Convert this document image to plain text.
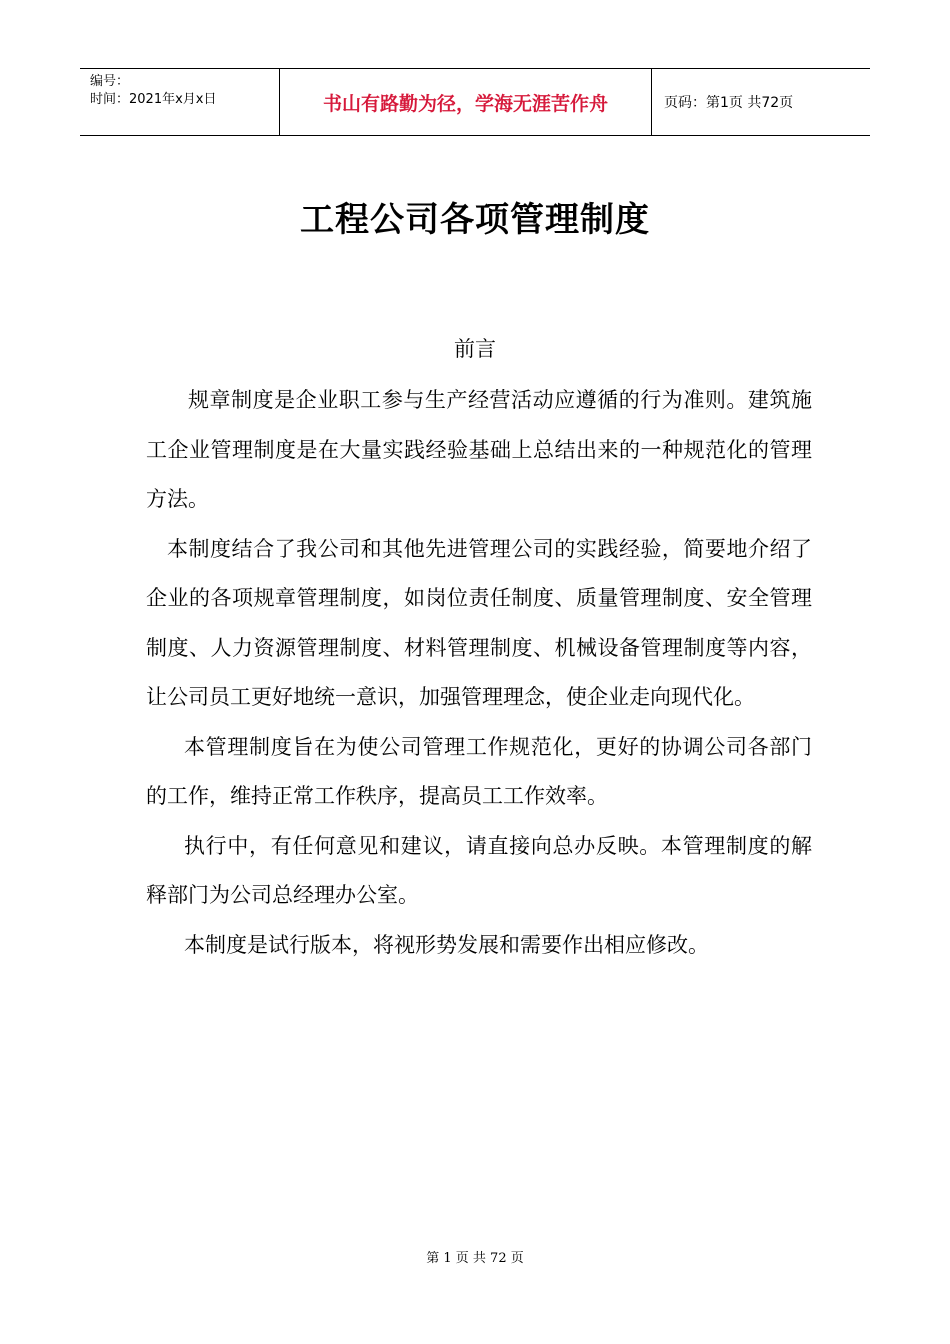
编号：
时间：2021年x月x日	书山有路勤为径，学海无涯苦作舟	页码：第1页 共72页
工程公司各项管理制度
前言

规章制度是企业职工参与生产经营活动应遵循的行为准则。建筑施工企业管理制度是在大量实践经验基础上总结出来的一种规范化的管理方法。

本制度结合了我公司和其他先进管理公司的实践经验，简要地介绍了企业的各项规章管理制度，如岗位责任制度、质量管理制度、安全管理制度、人力资源管理制度、材料管理制度、机械设备管理制度等内容，让公司员工更好地统一意识，加强管理理念，使企业走向现代化。

本管理制度旨在为使公司管理工作规范化，更好的协调公司各部门的工作，维持正常工作秩序，提高员工工作效率。

执行中，有任何意见和建议，请直接向总办反映。本管理制度的解释部门为公司总经理办公室。

本制度是试行版本，将视形势发展和需要作出相应修改。

第 1 页 共 72 页
